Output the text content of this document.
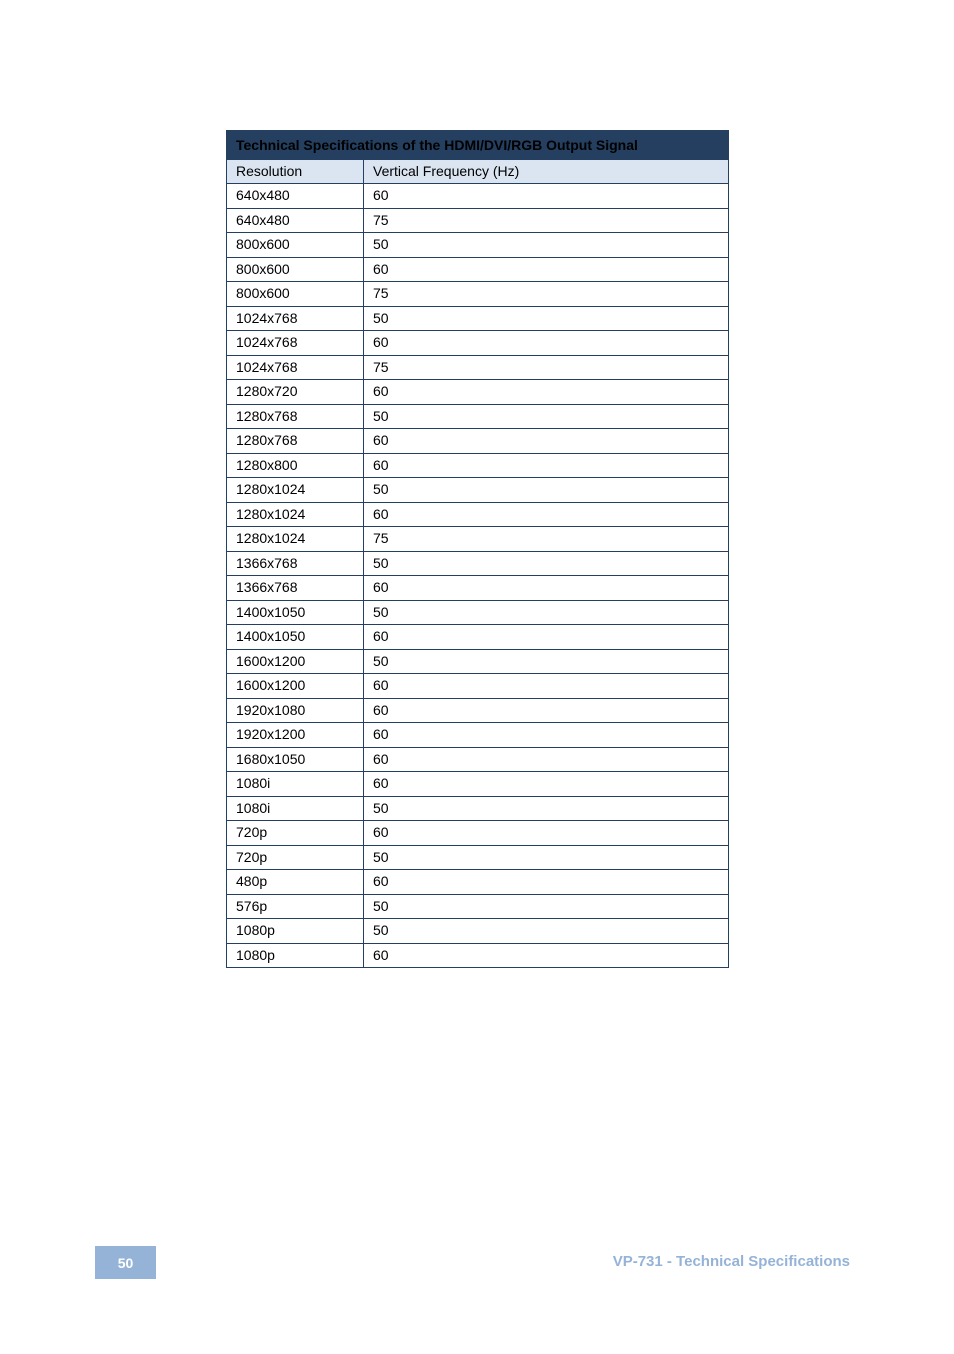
Technical Specifications of the HDMI/DVI/RGB Output Signal	
Resolution	Vertical Frequency (Hz)
640x480	60
640x480	75
800x600	50
800x600	60
800x600	75
1024x768	50
1024x768	60
1024x768	75
1280x720	60
1280x768	50
1280x768	60
1280x800	60
1280x1024	50
1280x1024	60
1280x1024	75
1366x768	50
1366x768	60
1400x1050	50
1400x1050	60
1600x1200	50
1600x1200	60
1920x1080	60
1920x1200	60
1680x1050	60
1080i	60
1080i	50
720p	60
720p	50
480p	60
576p	50
1080p	50
1080p	60
50	VP-731 - Technical Specifications
